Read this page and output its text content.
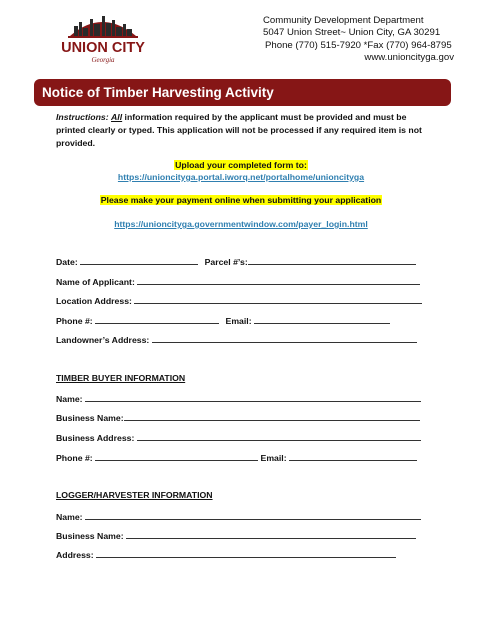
UNION CITY
Georgia
Community Development Department
5047 Union Street~ Union City, GA 30291
Phone (770) 515-7920 *Fax (770) 964-8795
www.unioncityga.gov
Notice of Timber Harvesting Activity
Instructions: All information required by the applicant must be provided and must be printed clearly or typed. This application will not be processed if any required item is not provided.
Upload your completed form to:
https://unioncityga.portal.iworq.net/portalhome/unioncityga
Please make your payment online when submitting your application
https://unioncityga.governmentwindow.com/payer_login.html
Date:	Parcel #’s:
Name of Applicant:
Location Address:
Phone #:	Email:
Landowner’s Address:
TIMBER BUYER INFORMATION
Name:
Business Name:
Business Address:
Phone #:	Email:
LOGGER/HARVESTER INFORMATION
Name:
Business Name:
Address:
